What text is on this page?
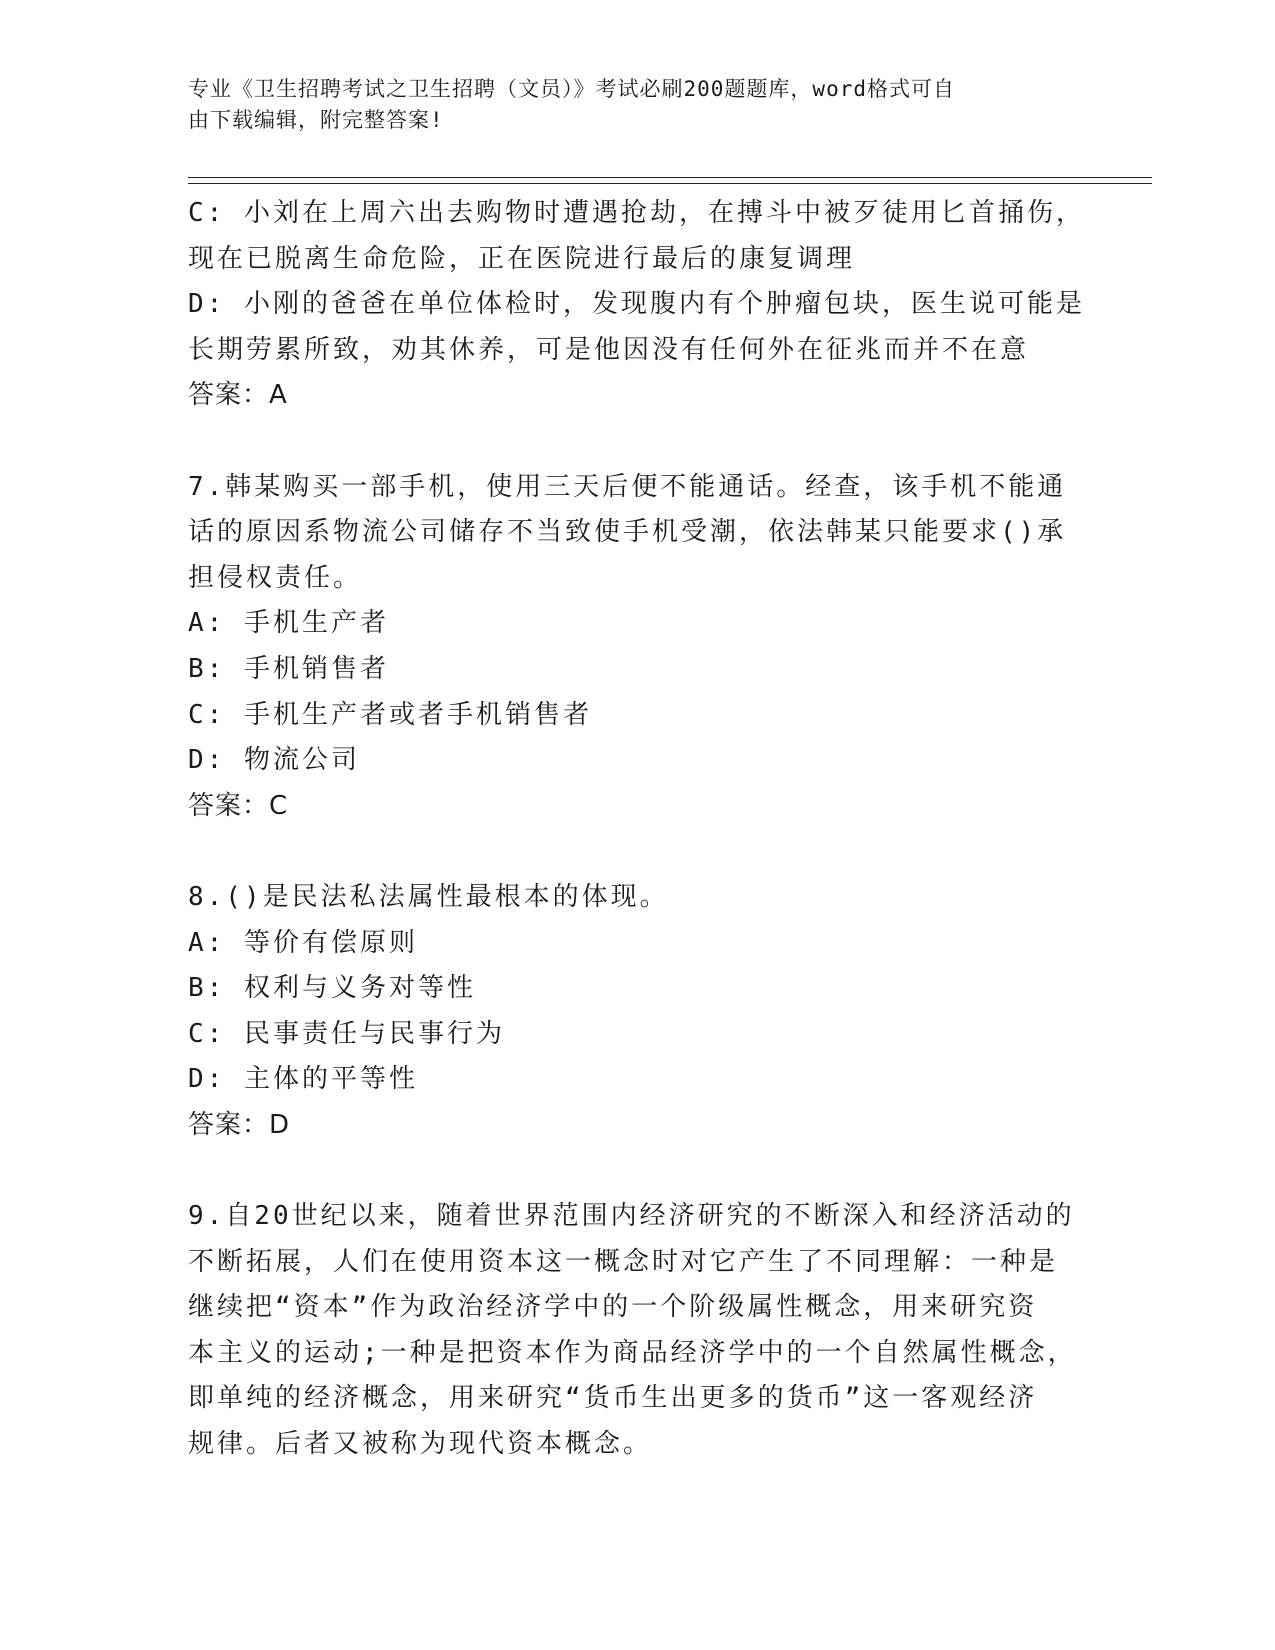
专业《卫生招聘考试之卫生招聘（文员）》考试必刷200题题库，word格式可自
由下载编辑，附完整答案!
C: 小刘在上周六出去购物时遭遇抢劫，在搏斗中被歹徒用匕首捅伤，
现在已脱离生命危险，正在医院进行最后的康复调理
D: 小刚的爸爸在单位体检时，发现腹内有个肿瘤包块，医生说可能是
长期劳累所致，劝其休养，可是他因没有任何外在征兆而并不在意
答案：A
7.韩某购买一部手机，使用三天后便不能通话。经查，该手机不能通
话的原因系物流公司储存不当致使手机受潮，依法韩某只能要求()承
担侵权责任。
A: 手机生产者
B: 手机销售者
C: 手机生产者或者手机销售者
D: 物流公司
答案：C
8.()是民法私法属性最根本的体现。
A: 等价有偿原则
B: 权利与义务对等性
C: 民事责任与民事行为
D: 主体的平等性
答案：D
9.自20世纪以来，随着世界范围内经济研究的不断深入和经济活动的
不断拓展，人们在使用资本这一概念时对它产生了不同理解：一种是
继续把“资本”作为政治经济学中的一个阶级属性概念，用来研究资
本主义的运动;一种是把资本作为商品经济学中的一个自然属性概念，
即单纯的经济概念，用来研究“货币生出更多的货币”这一客观经济
规律。后者又被称为现代资本概念。
